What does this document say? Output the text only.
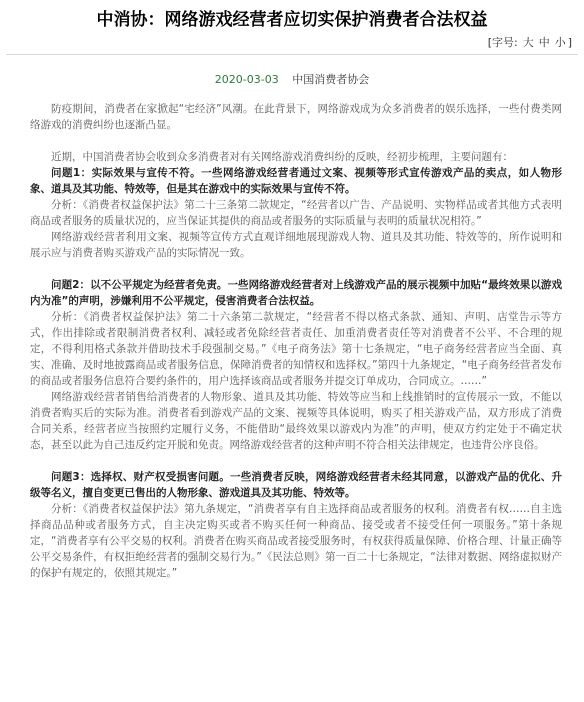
中消协：网络游戏经营者应切实保护消费者合法权益
[字号: 大 中 小 ]
2020-03-03 中国消费者协会

防疫期间，消费者在家掀起“宅经济”风潮。在此背景下，网络游戏成为众多消费者的娱乐选择，一些付费类网络游戏的消费纠纷也逐渐凸显。

近期，中国消费者协会收到众多消费者对有关网络游戏消费纠纷的反映，经初步梳理，主要问题有：

问题1：实际效果与宣传不符。一些网络游戏经营者通过文案、视频等形式宣传游戏产品的卖点，如人物形象、道具及其功能、特效等，但是其在游戏中的实际效果与宣传不符。

分析：《消费者权益保护法》第二十三条第二款规定，“经营者以广告、产品说明、实物样品或者其他方式表明商品或者服务的质量状况的，应当保证其提供的商品或者服务的实际质量与表明的质量状况相符。”

网络游戏经营者利用文案、视频等宣传方式直观详细地展现游戏人物、道具及其功能、特效等的，所作说明和展示应与消费者购买游戏产品的实际情况一致。

问题2：以不公平规定为经营者免责。一些网络游戏经营者对上线游戏产品的展示视频中加贴“最终效果以游戏内为准”的声明，涉嫌利用不公平规定，侵害消费者合法权益。

分析：《消费者权益保护法》第二十六条第二款规定，“经营者不得以格式条款、通知、声明、店堂告示等方式，作出排除或者限制消费者权利、减轻或者免除经营者责任、加重消费者责任等对消费者不公平、不合理的规定，不得利用格式条款并借助技术手段强制交易。”《电子商务法》第十七条规定，“电子商务经营者应当全面、真实、准确、及时地披露商品或者服务信息，保障消费者的知情权和选择权。”第四十九条规定，“电子商务经营者发布的商品或者服务信息符合要约条件的，用户选择该商品或者服务并提交订单成功，合同成立。……”

网络游戏经营者销售给消费者的人物形象、道具及其功能、特效等应当和上线推销时的宣传展示一致，不能以消费者购买后的实际为准。消费者看到游戏产品的文案、视频等具体说明，购买了相关游戏产品，双方形成了消费合同关系，经营者应当按照约定履行义务，不能借助“最终效果以游戏内为准”的声明，使双方约定处于不确定状态，甚至以此为自己违反约定开脱和免责。网络游戏经营者的这种声明不符合相关法律规定，也违背公序良俗。

问题3：选择权、财产权受损害问题。一些消费者反映，网络游戏经营者未经其同意，以游戏产品的优化、升级等名义，擅自变更已售出的人物形象、游戏道具及其功能、特效等。

分析：《消费者权益保护法》第九条规定，“消费者享有自主选择商品或者服务的权利。消费者有权……自主选择商品品种或者服务方式，自主决定购买或者不购买任何一种商品、接受或者不接受任何一项服务。”第十条规定，“消费者享有公平交易的权利。消费者在购买商品或者接受服务时，有权获得质量保障、价格合理、计量正确等公平交易条件，有权拒绝经营者的强制交易行为。”《民法总则》第一百二十七条规定，“法律对数据、网络虚拟财产的保护有规定的，依照其规定。”
